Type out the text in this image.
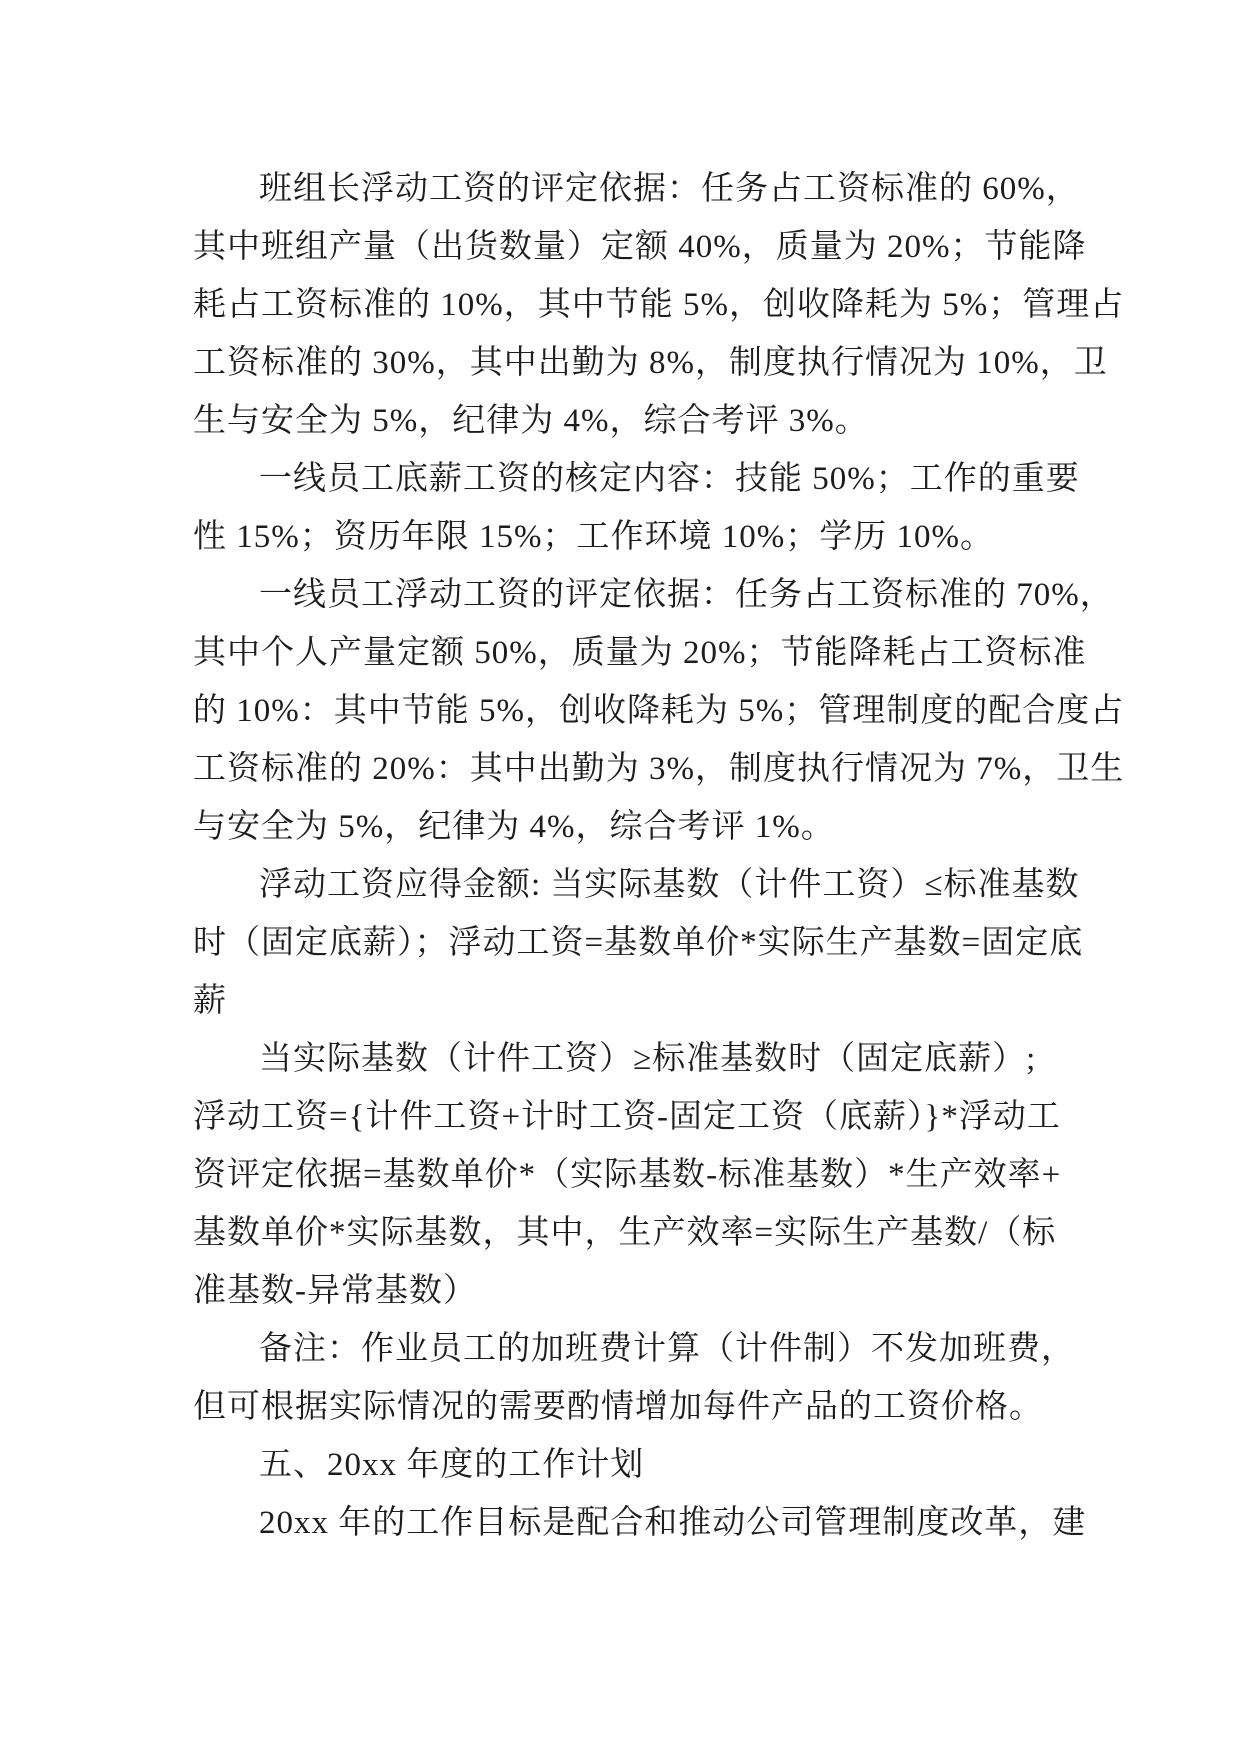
班组长浮动工资的评定依据：任务占工资标准的 60%，
其中班组产量（出货数量）定额 40%，质量为 20%；节能降
耗占工资标准的 10%，其中节能 5%，创收降耗为 5%；管理占
工资标准的 30%，其中出勤为 8%，制度执行情况为 10%，卫
生与安全为 5%，纪律为 4%，综合考评 3%。

一线员工底薪工资的核定内容：技能 50%；工作的重要
性 15%；资历年限 15%；工作环境 10%；学历 10%。

一线员工浮动工资的评定依据：任务占工资标准的 70%，
其中个人产量定额 50%，质量为 20%；节能降耗占工资标准
的 10%：其中节能 5%，创收降耗为 5%；管理制度的配合度占
工资标准的 20%：其中出勤为 3%，制度执行情况为 7%，卫生
与安全为 5%，纪律为 4%，综合考评 1%。

浮动工资应得金额: 当实际基数（计件工资）≤标准基数
时（固定底薪）；浮动工资=基数单价*实际生产基数=固定底
薪

当实际基数（计件工资）≥标准基数时（固定底薪）;
浮动工资={计件工资+计时工资-固定工资（底薪）}*浮动工
资评定依据=基数单价*（实际基数-标准基数）*生产效率+
基数单价*实际基数，其中，生产效率=实际生产基数/（标
准基数-异常基数）

备注：作业员工的加班费计算（计件制）不发加班费，
但可根据实际情况的需要酌情增加每件产品的工资价格。

五、20xx 年度的工作计划

20xx 年的工作目标是配合和推动公司管理制度改革，建
